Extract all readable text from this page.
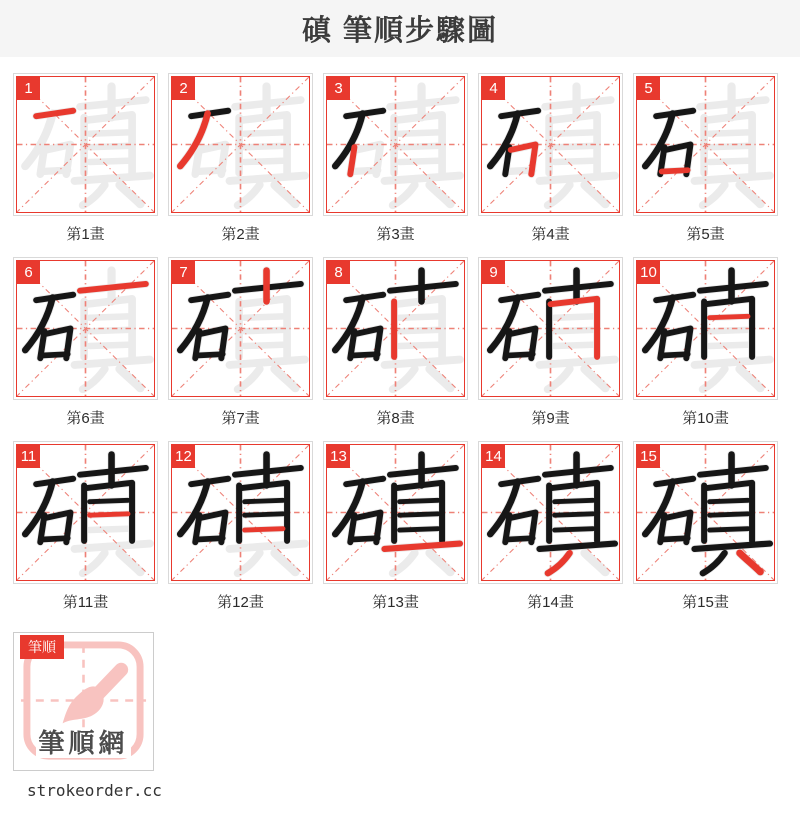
磌 筆順步驟圖
1
第1畫
2
第2畫
3
第3畫
4
第4畫
5
第5畫
6
第6畫
7
第7畫
8
第8畫
9
第9畫
10
第10畫
11
第11畫
12
第12畫
13
第13畫
14
第14畫
15
第15畫
筆順
筆順網
strokeorder.cc
